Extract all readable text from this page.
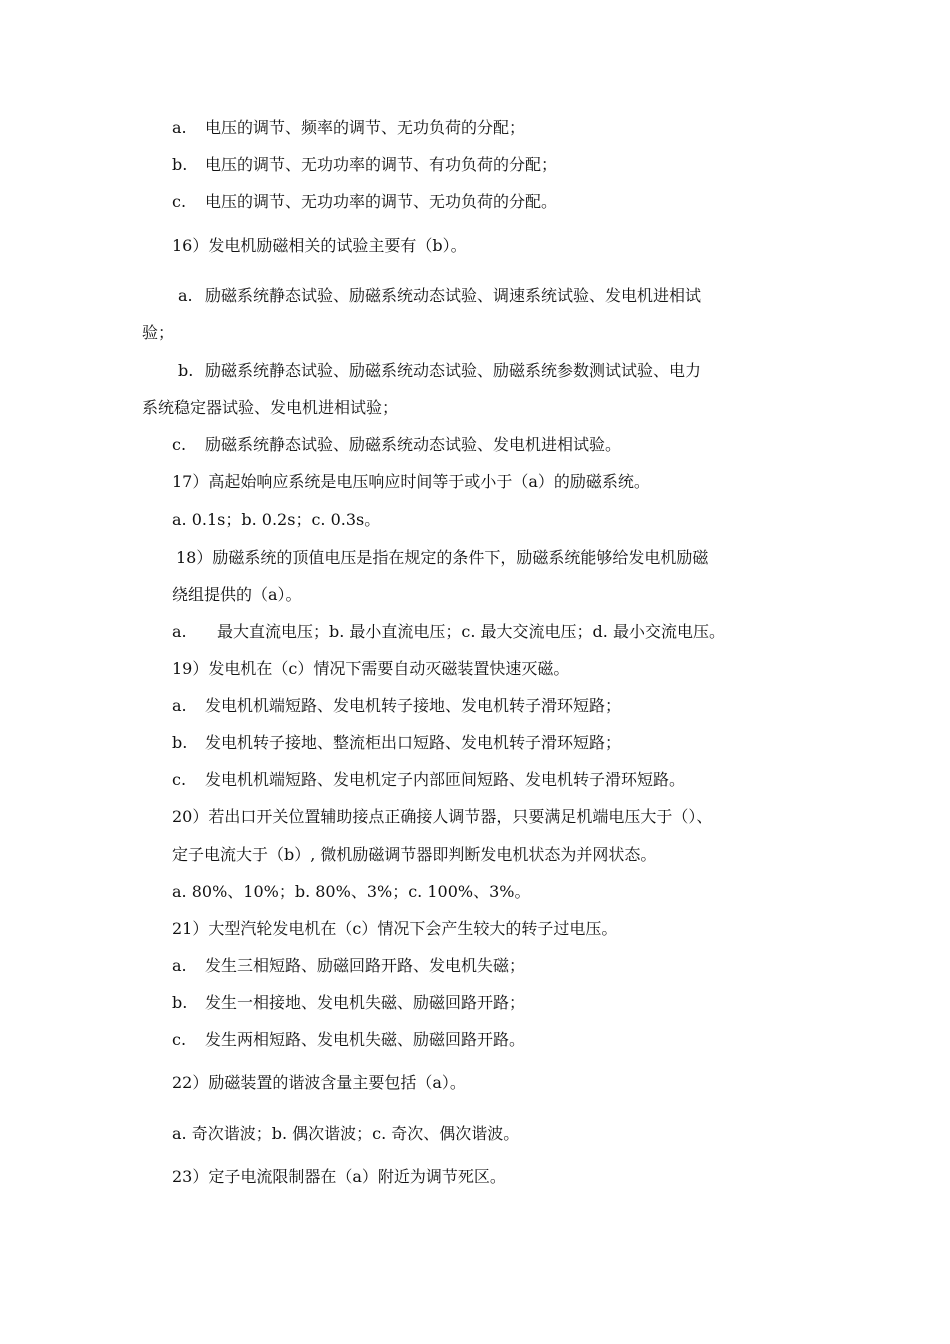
a. 电压的调节、频率的调节、无功负荷的分配；
b. 电压的调节、无功功率的调节、有功负荷的分配；
c. 电压的调节、无功功率的调节、无功负荷的分配。
16）发电机励磁相关的试验主要有（b）。
a. 励磁系统静态试验、励磁系统动态试验、调速系统试验、发电机进相试
验；
b. 励磁系统静态试验、励磁系统动态试验、励磁系统参数测试试验、电力
系统稳定器试验、发电机进相试验；
c. 励磁系统静态试验、励磁系统动态试验、发电机进相试验。
17）高起始响应系统是电压响应时间等于或小于（a）的励磁系统。
a. 0.1s；b. 0.2s；c. 0.3s。
18）励磁系统的顶值电压是指在规定的条件下，励磁系统能够给发电机励磁
绕组提供的（a）。
a. 最大直流电压；b. 最小直流电压；c. 最大交流电压；d. 最小交流电压。
19）发电机在（c）情况下需要自动灭磁装置快速灭磁。
a. 发电机机端短路、发电机转子接地、发电机转子滑环短路；
b. 发电机转子接地、整流柜出口短路、发电机转子滑环短路；
c. 发电机机端短路、发电机定子内部匝间短路、发电机转子滑环短路。
20）若出口开关位置辅助接点正确接人调节器，只要满足机端电压大于（）、
定子电流大于（b）, 微机励磁调节器即判断发电机状态为并网状态。
a. 80%、10%；b. 80%、3%；c. 100%、3%。
21）大型汽轮发电机在（c）情况下会产生较大的转子过电压。
a. 发生三相短路、励磁回路开路、发电机失磁；
b. 发生一相接地、发电机失磁、励磁回路开路；
c. 发生两相短路、发电机失磁、励磁回路开路。
22）励磁装置的谐波含量主要包括（a）。
a. 奇次谐波；b. 偶次谐波；c. 奇次、偶次谐波。
23）定子电流限制器在（a）附近为调节死区。
